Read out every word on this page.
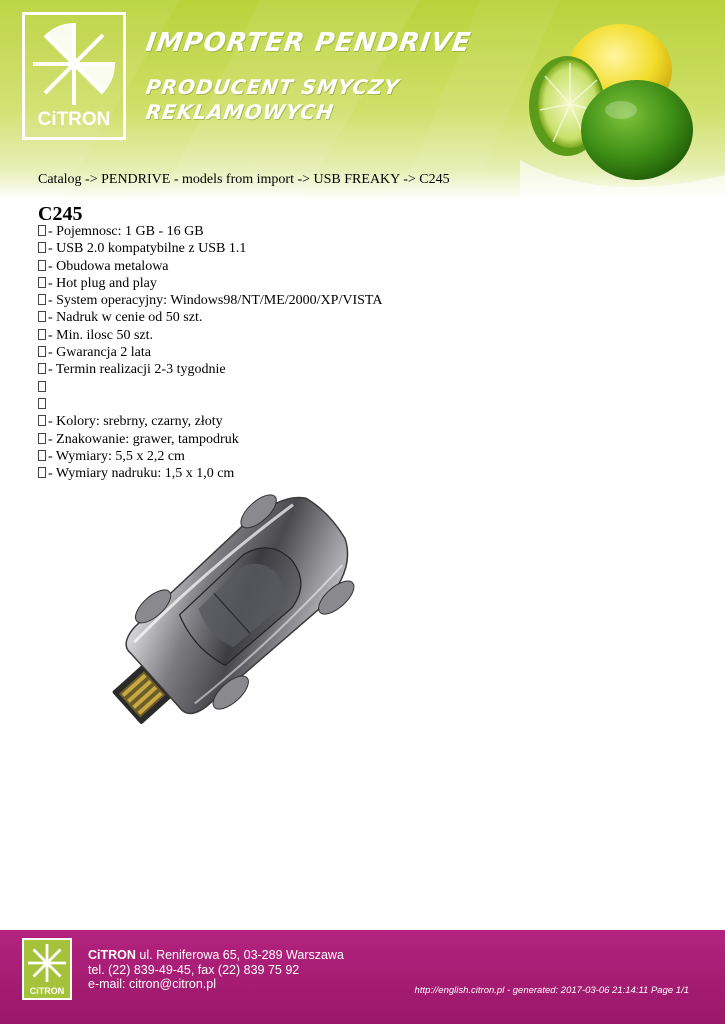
CiTRON
IMPORTER PENDRIVE
PRODUCENT SMYCZY
REKLAMOWYCH
Catalog -> PENDRIVE - models from import -> USB FREAKY -> C245
C245
- Pojemnosc: 1 GB - 16 GB
- USB 2.0 kompatybilne z USB 1.1
- Obudowa metalowa
- Hot plug and play
- System operacyjny: Windows98/NT/ME/2000/XP/VISTA
- Nadruk w cenie od 50 szt.
- Min. ilosc 50 szt.
- Gwarancja 2 lata
- Termin realizacji 2-3 tygodnie
- Kolory: srebrny, czarny, złoty
- Znakowanie: grawer, tampodruk
- Wymiary: 5,5 x 2,2 cm
- Wymiary nadruku: 1,5 x 1,0 cm
CiTRON
CiTRON ul. Reniferowa 65, 03-289 Warszawa
tel. (22) 839-49-45, fax (22) 839 75 92
e-mail: citron@citron.pl	http://english.citron.pl - generated: 2017-03-06 21:14:11 Page 1/1
